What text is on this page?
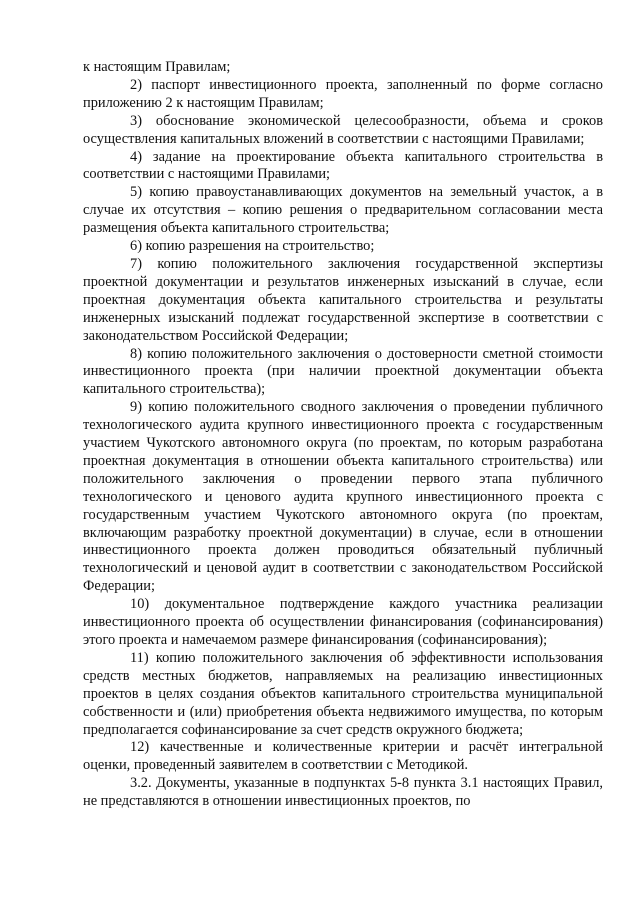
к настоящим Правилам;

2) паспорт инвестиционного проекта, заполненный по форме согласно приложению 2 к настоящим Правилам;

3) обоснование экономической целесообразности, объема и сроков осуществления капитальных вложений в соответствии с настоящими Правилами;

4) задание на проектирование объекта капитального строительства в соответствии с настоящими Правилами;

5) копию правоустанавливающих документов на земельный участок, а в случае их отсутствия – копию решения о предварительном согласовании места размещения объекта капитального строительства;

6) копию разрешения на строительство;

7) копию положительного заключения государственной экспертизы проектной документации и результатов инженерных изысканий в случае, если проектная документация объекта капитального строительства и результаты инженерных изысканий подлежат государственной экспертизе в соответствии с законодательством Российской Федерации;

8) копию положительного заключения о достоверности сметной стоимости инвестиционного проекта (при наличии проектной документации объекта капитального строительства);

9) копию положительного сводного заключения о проведении публичного технологического аудита крупного инвестиционного проекта с государственным участием Чукотского автономного округа (по проектам, по которым разработана проектная документация в отношении объекта капитального строительства) или положительного заключения о проведении первого этапа публичного технологического и ценового аудита крупного инвестиционного проекта с государственным участием Чукотского автономного округа (по проектам, включающим разработку проектной документации) в случае, если в отношении инвестиционного проекта должен проводиться обязательный публичный технологический и ценовой аудит в соответствии с законодательством Российской Федерации;

10) документальное подтверждение каждого участника реализации инвестиционного проекта об осуществлении финансирования (софинансирования) этого проекта и намечаемом размере финансирования (софинансирования);

11) копию положительного заключения об эффективности использования средств местных бюджетов, направляемых на реализацию инвестиционных проектов в целях создания объектов капитального строительства муниципальной собственности и (или) приобретения объекта недвижимого имущества, по которым предполагается софинансирование за счет средств окружного бюджета;

12) качественные и количественные критерии и расчёт интегральной оценки, проведенный заявителем в соответствии с Методикой.

3.2. Документы, указанные в подпунктах 5-8 пункта 3.1 настоящих Правил, не представляются в отношении инвестиционных проектов, по
